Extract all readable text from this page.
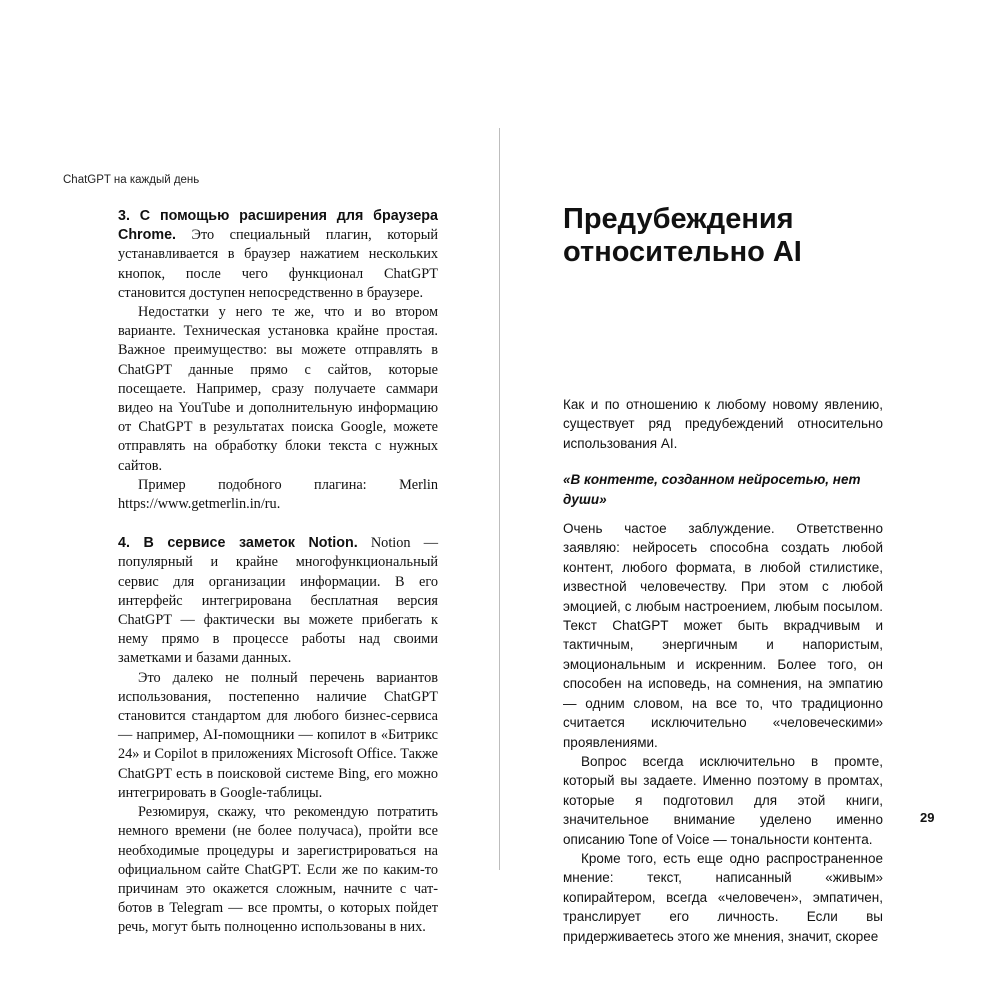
ChatGPT на каждый день

3. С помощью расширения для браузера Chrome. Это специальный плагин, который устанавливается в браузер нажатием нескольких кнопок, после чего функционал ChatGPT становится доступен непосредственно в браузере.

Недостатки у него те же, что и во втором варианте. Техническая установка крайне простая. Важное преимущество: вы можете отправлять в ChatGPT данные прямо с сайтов, которые посещаете. Например, сразу получаете саммари видео на YouTube и дополнительную информацию от ChatGPT в результатах поиска Google, можете отправлять на обработку блоки текста с нужных сайтов.

Пример подобного плагина: Merlin https://www.getmerlin.in/ru.

4. В сервисе заметок Notion. Notion —популярный и крайне многофункциональный сервис для организации информации. В его интерфейс интегрирована бесплатная версия ChatGPT — фактически вы можете прибегать к нему прямо в процессе работы над своими заметками и базами данных.

Это далеко не полный перечень вариантов использования, постепенно наличие ChatGPT становится стандартом для любого бизнес-сервиса — например, AI-помощники — копилот в «Битрикс 24» и Copilot в приложениях Microsoft Office. Также ChatGPT есть в поисковой системе Bing, его можно интегрировать в Google-таблицы.

Резюмируя, скажу, что рекомендую потратить немного времени (не более получаса), пройти все необходимые процедуры и зарегистрироваться на официальном сайте ChatGPT. Если же по каким-то причинам это окажется сложным, начните с чат-ботов в Telegram — все промты, о которых пойдет речь, могут быть полноценно использованы в них.

Предубеждения
относительно AI

Как и по отношению к любому новому явлению, существует ряд предубеждений относительно использования AI.

«В контенте, созданном нейросетью, нет души»

Очень частое заблуждение. Ответственно заявляю: нейросеть способна создать любой контент, любого формата, в любой стилистике, известной человечеству. При этом с любой эмоцией, с любым настроением, любым посылом. Текст ChatGPT может быть вкрадчивым и тактичным, энергичным и напористым, эмоциональным и искренним. Более того, он способен на исповедь, на сомнения, на эмпатию — одним словом, на все то, что традиционно считается исключительно «человеческими» проявлениями.

Вопрос всегда исключительно в промте, который вы задаете. Именно поэтому в промтах, которые я подготовил для этой книги, значительное внимание уделено именно описанию Tone of Voice — тональности контента.

Кроме того, есть еще одно распространенное мнение: текст, написанный «живым» копирайтером, всегда «человечен», эмпатичен, транслирует его личность. Если вы придерживаетесь этого же мнения, значит, скорее

29
